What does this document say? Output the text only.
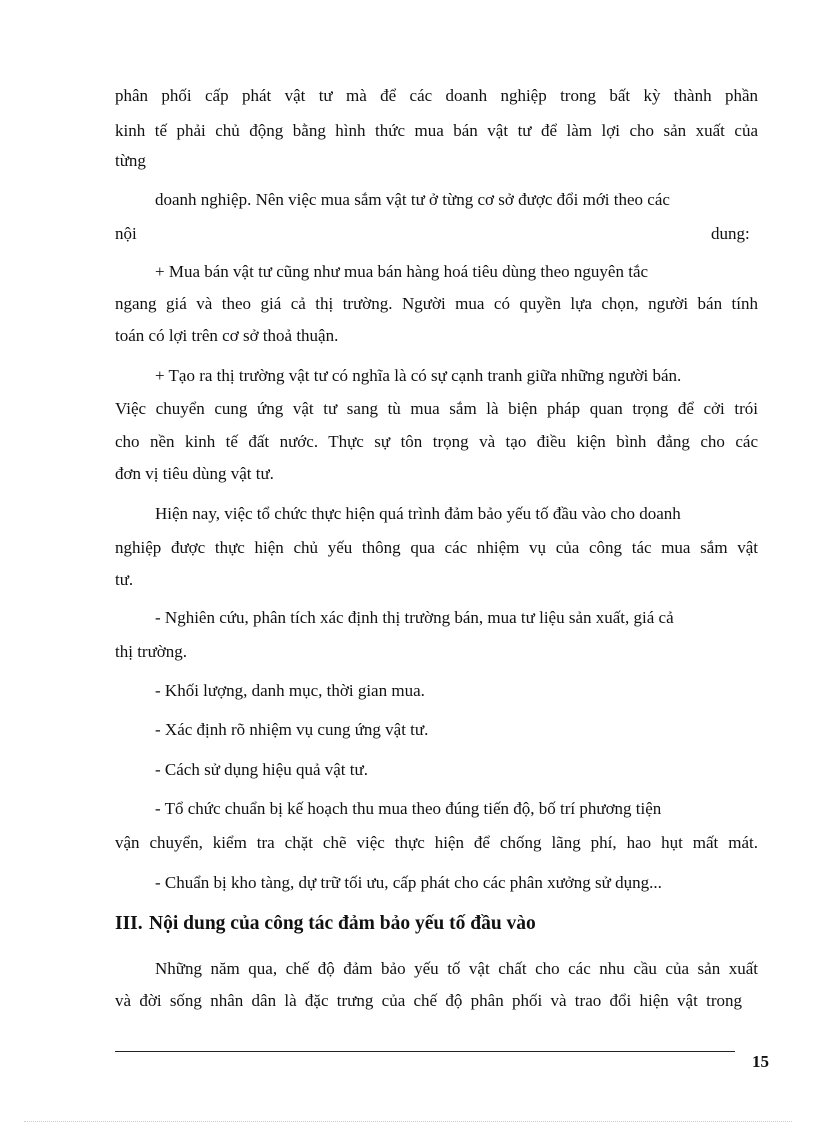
phân phối cấp phát vật tư mà để các doanh nghiệp trong bất kỳ thành phần

kinh tế phải chủ động bằng hình thức mua bán vật tư để làm lợi cho sản xuất của

từng

doanh nghiệp. Nên việc mua sắm vật tư ở từng cơ sở được đổi mới theo các

nội	dung:

+ Mua bán vật tư cũng như mua bán hàng hoá tiêu dùng theo nguyên tắc

ngang giá và theo giá cả thị trường. Người mua có quyền lựa chọn, người bán tính

toán có lợi trên cơ sở thoả thuận.

+ Tạo ra thị trường vật tư có nghĩa là có sự cạnh tranh giữa những người bán.

Việc chuyển cung ứng vật tư sang tù mua sắm là biện pháp quan trọng để cởi trói

cho nền kinh tế đất nước. Thực sự tôn trọng và tạo điều kiện bình đẳng cho các

đơn vị tiêu dùng vật tư.

Hiện nay, việc tổ chức thực hiện quá trình đảm bảo yếu tố đầu vào cho doanh

nghiệp được thực hiện chủ yếu thông qua các nhiệm vụ của công tác mua sắm vật

tư.

- Nghiên cứu, phân tích xác định thị trường bán, mua tư liệu sản xuất, giá cả

thị trường.

- Khối lượng, danh mục, thời gian mua.

- Xác định rõ nhiệm vụ cung ứng vật tư.

- Cách sử dụng hiệu quả vật tư.

- Tổ chức chuẩn bị kế hoạch thu mua theo đúng tiến độ, bố trí phương tiện

vận chuyển, kiểm tra chặt chẽ việc thực hiện để chống lãng phí, hao hụt mất mát.

- Chuẩn bị kho tàng, dự trữ tối ưu, cấp phát cho các phân xưởng sử dụng...

III. Nội dung của công tác đảm bảo yếu tố đầu vào

Những năm qua, chế độ đảm bảo yếu tố vật chất cho các nhu cầu của sản xuất

và đời sống nhân dân là đặc trưng của chế độ phân phối và trao đổi hiện vật trong

15
